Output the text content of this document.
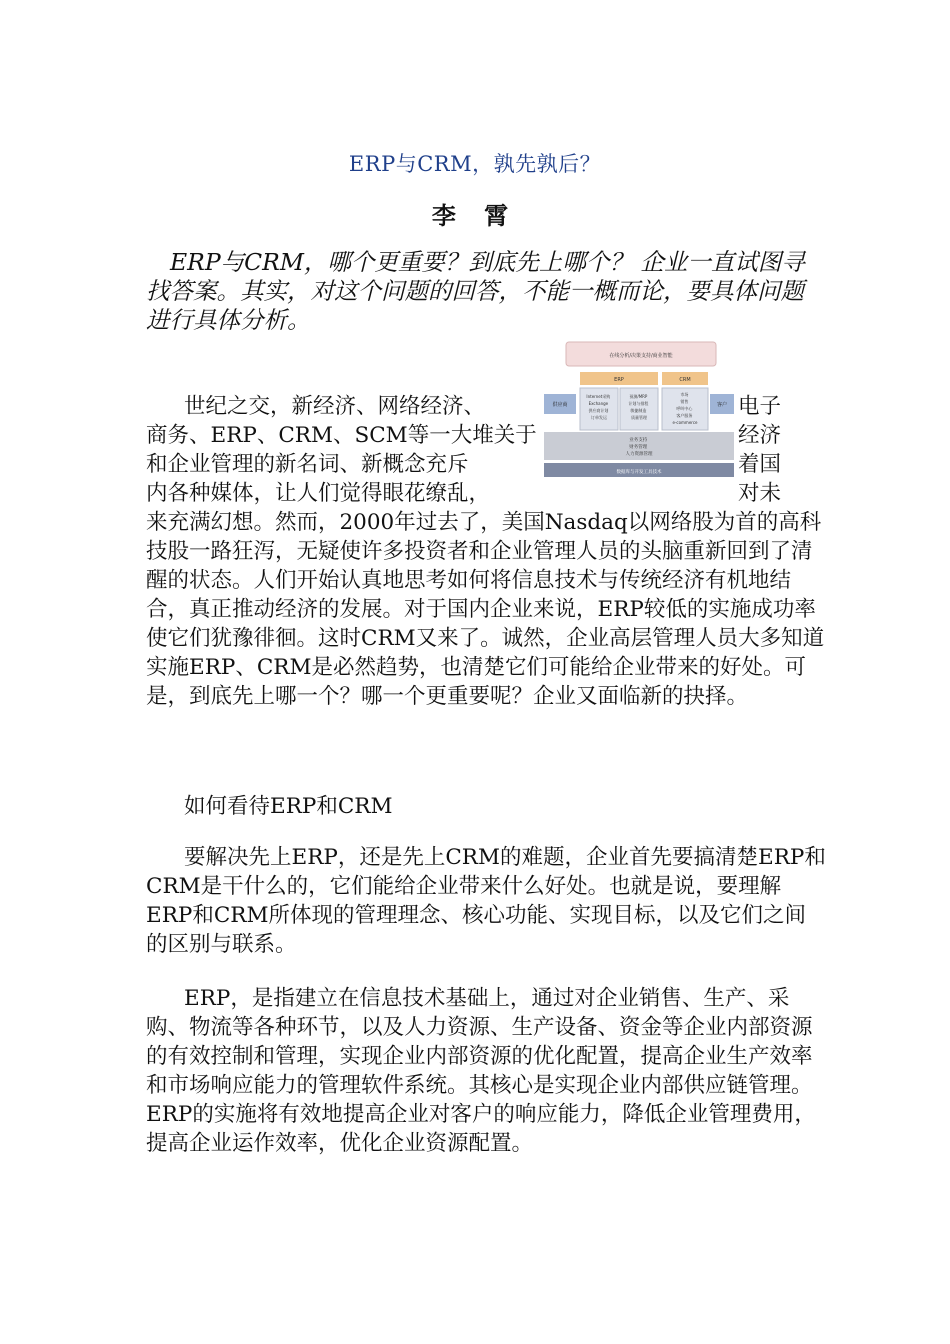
ERP与CRM，孰先孰后？
李 霄

ERP与CRM，哪个更重要？到底先上哪个？ 企业一直试图寻找答案。其实，对这个问题的回答，不能一概而论，要具体问题进行具体分析。

世纪之交，新经济、网络经济、
商务、ERP、CRM、SCM等一大堆关于
和企业管理的新名词、新概念充斥
内各种媒体，让人们觉得眼花缭乱，
电子
经济
着国
对未
在线分析/决策支持/商业智能
ERP	CRM
供应商	客户
Internet采购 Exchange 供应商计划 订单发运
预测/MRP 计划与排程 敏捷制造 质量管理
市场 销售 呼叫中心 客户服务 e-commerce
业务支持 财务管理 人力资源管理
数据库与开发工具技术

来充满幻想。然而，2000年过去了，美国Nasdaq以网络股为首的高科技股一路狂泻，无疑使许多投资者和企业管理人员的头脑重新回到了清醒的状态。人们开始认真地思考如何将信息技术与传统经济有机地结合，真正推动经济的发展。对于国内企业来说，ERP较低的实施成功率使它们犹豫徘徊。这时CRM又来了。诚然，企业高层管理人员大多知道实施ERP、CRM是必然趋势，也清楚它们可能给企业带来的好处。可是，到底先上哪一个？哪一个更重要呢？企业又面临新的抉择。

如何看待ERP和CRM

要解决先上ERP，还是先上CRM的难题，企业首先要搞清楚ERP和CRM是干什么的，它们能给企业带来什么好处。也就是说，要理解ERP和CRM所体现的管理理念、核心功能、实现目标，以及它们之间的区别与联系。

ERP，是指建立在信息技术基础上，通过对企业销售、生产、采购、物流等各种环节，以及人力资源、生产设备、资金等企业内部资源的有效控制和管理，实现企业内部资源的优化配置，提高企业生产效率和市场响应能力的管理软件系统。其核心是实现企业内部供应链管理。ERP的实施将有效地提高企业对客户的响应能力，降低企业管理费用，提高企业运作效率，优化企业资源配置。
